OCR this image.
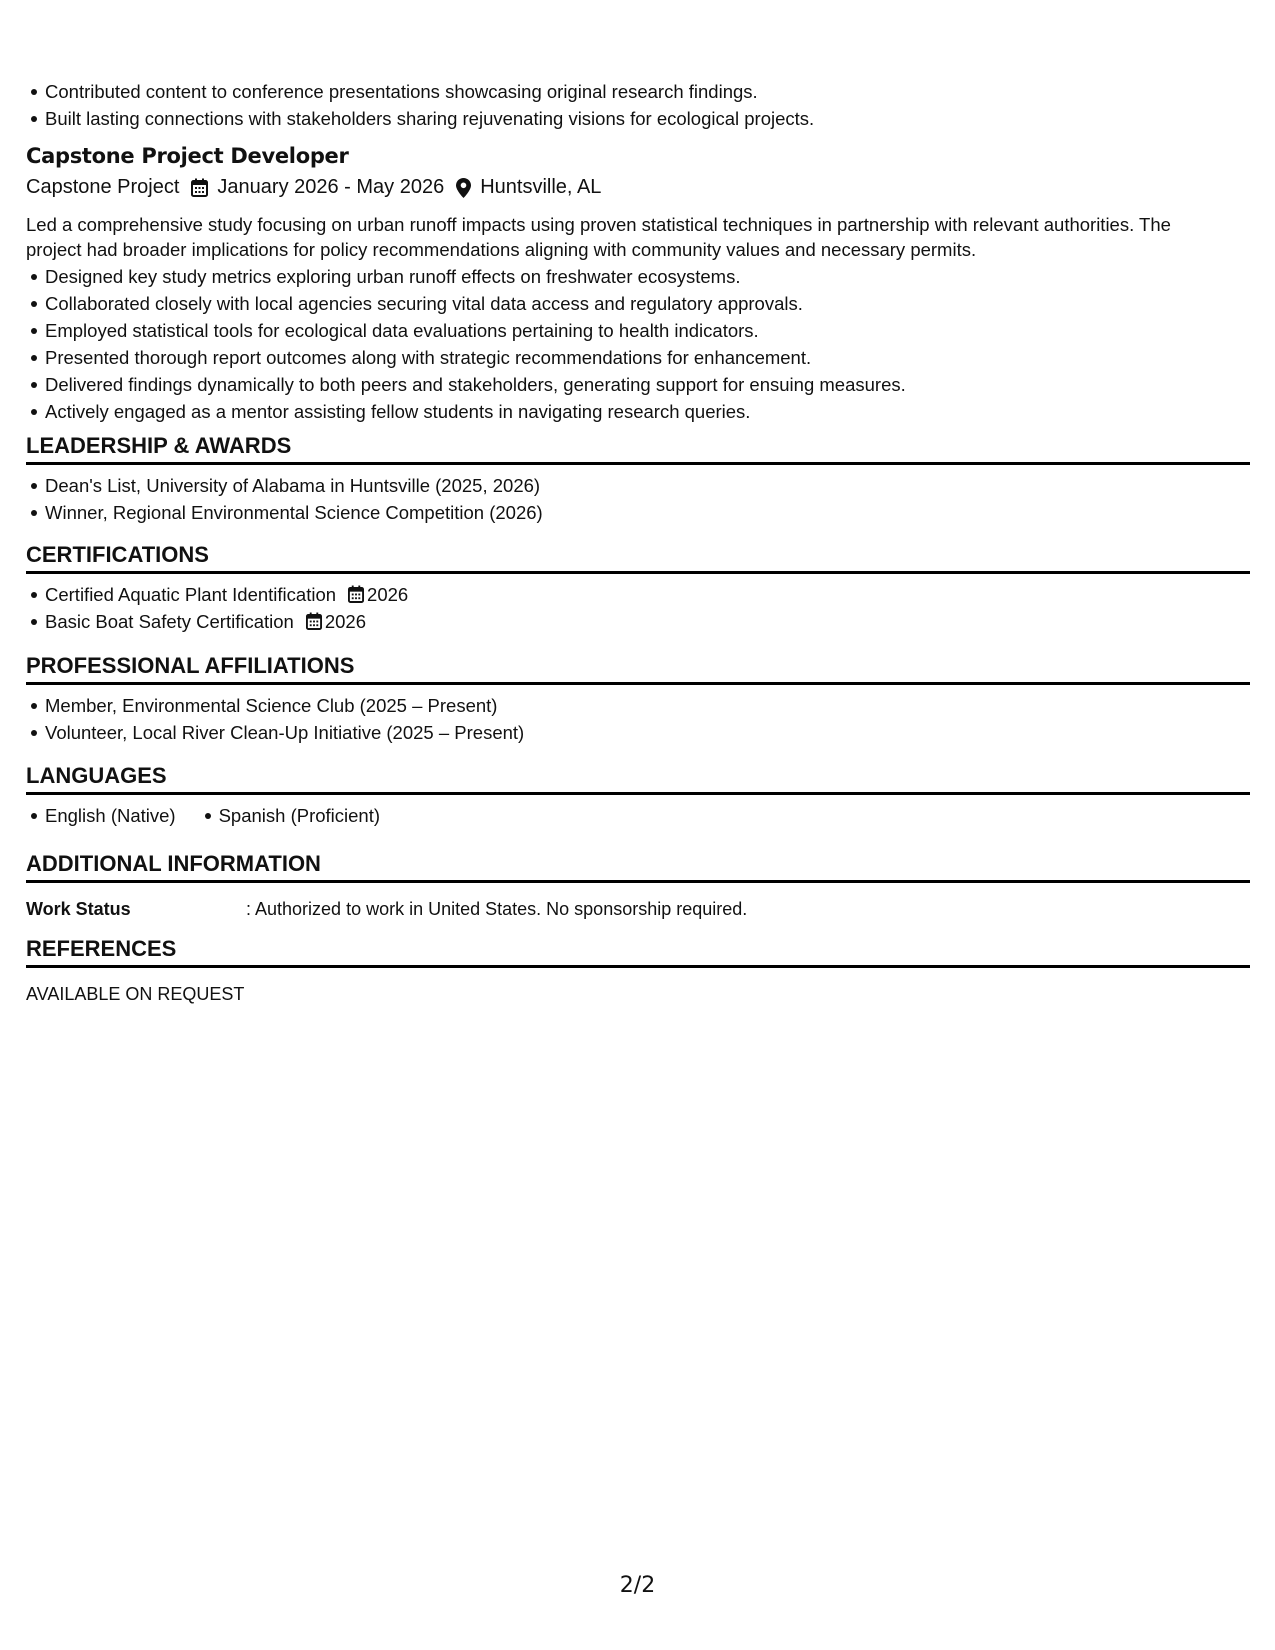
Contributed content to conference presentations showcasing original research findings.
Built lasting connections with stakeholders sharing rejuvenating visions for ecological projects.
Capstone Project Developer
Capstone Project January 2026 - May 2026 Huntsville, AL
Led a comprehensive study focusing on urban runoff impacts using proven statistical techniques in partnership with relevant authorities. The project had broader implications for policy recommendations aligning with community values and necessary permits.
Designed key study metrics exploring urban runoff effects on freshwater ecosystems.
Collaborated closely with local agencies securing vital data access and regulatory approvals.
Employed statistical tools for ecological data evaluations pertaining to health indicators.
Presented thorough report outcomes along with strategic recommendations for enhancement.
Delivered findings dynamically to both peers and stakeholders, generating support for ensuing measures.
Actively engaged as a mentor assisting fellow students in navigating research queries.
LEADERSHIP & AWARDS
Dean's List, University of Alabama in Huntsville (2025, 2026)
Winner, Regional Environmental Science Competition (2026)
CERTIFICATIONS
Certified Aquatic Plant Identification 2026
Basic Boat Safety Certification 2026
PROFESSIONAL AFFILIATIONS
Member, Environmental Science Club (2025 – Present)
Volunteer, Local River Clean-Up Initiative (2025 – Present)
LANGUAGES
English (Native)	Spanish (Proficient)
ADDITIONAL INFORMATION
Work Status	: Authorized to work in United States. No sponsorship required.
REFERENCES
AVAILABLE ON REQUEST
2/2
